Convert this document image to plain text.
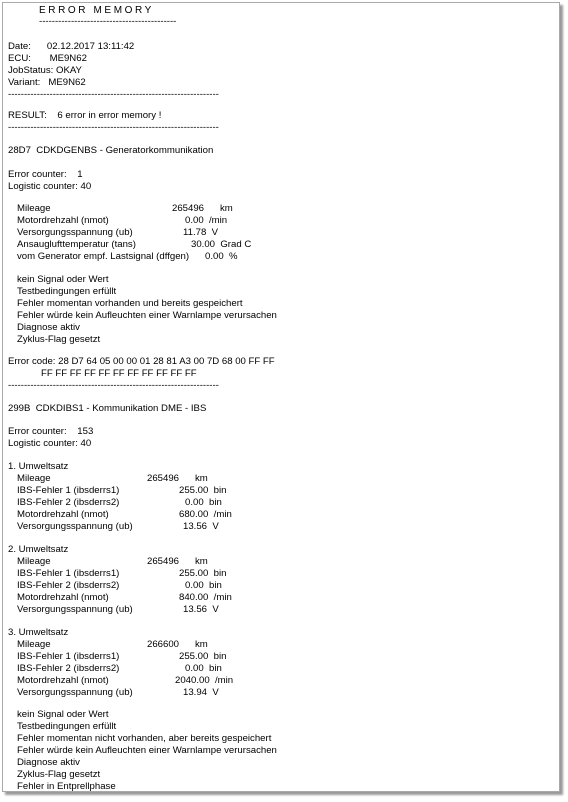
ERROR MEMORY
-------------------------------------------
Date:      02.12.2017 13:11:42
ECU:       ME9N62
JobStatus: OKAY
Variant:   ME9N62
------------------------------------------------------------------
RESULT:    6 error in error memory !
------------------------------------------------------------------
28D7  CDKDGENBS - Generatorkommunikation
Error counter:    1
Logistic counter: 40
Mileage	265496      km
Motordrehzahl (nmot)	0.00  /min
Versorgungsspannung (ub)	11.78  V
Ansauglufttemperatur (tans)	30.00  Grad C
vom Generator empf. Lastsignal (dffgen)      0.00  %
kein Signal oder Wert
Testbedingungen erfüllt
Fehler momentan vorhanden und bereits gespeichert
Fehler würde kein Aufleuchten einer Warnlampe verursachen
Diagnose aktiv
Zyklus-Flag gesetzt
Error code: 28 D7 64 05 00 00 01 28 81 A3 00 7D 68 00 FF FF
FF FF FF FF FF FF FF FF FF FF FF
------------------------------------------------------------------
299B  CDKDIBS1 - Kommunikation DME - IBS
Error counter:    153
Logistic counter: 40
1. Umweltsatz
Mileage	265496      km
IBS-Fehler 1 (ibsderrs1)	255.00  bin
IBS-Fehler 2 (ibsderrs2)	0.00  bin
Motordrehzahl (nmot)	680.00  /min
Versorgungsspannung (ub)	13.56  V
2. Umweltsatz
Mileage	265496      km
IBS-Fehler 1 (ibsderrs1)	255.00  bin
IBS-Fehler 2 (ibsderrs2)	0.00  bin
Motordrehzahl (nmot)	840.00  /min
Versorgungsspannung (ub)	13.56  V
3. Umweltsatz
Mileage	266600      km
IBS-Fehler 1 (ibsderrs1)	255.00  bin
IBS-Fehler 2 (ibsderrs2)	0.00  bin
Motordrehzahl (nmot)	2040.00  /min
Versorgungsspannung (ub)	13.94  V
kein Signal oder Wert
Testbedingungen erfüllt
Fehler momentan nicht vorhanden, aber bereits gespeichert
Fehler würde kein Aufleuchten einer Warnlampe verursachen
Diagnose aktiv
Zyklus-Flag gesetzt
Fehler in Entprellphase
